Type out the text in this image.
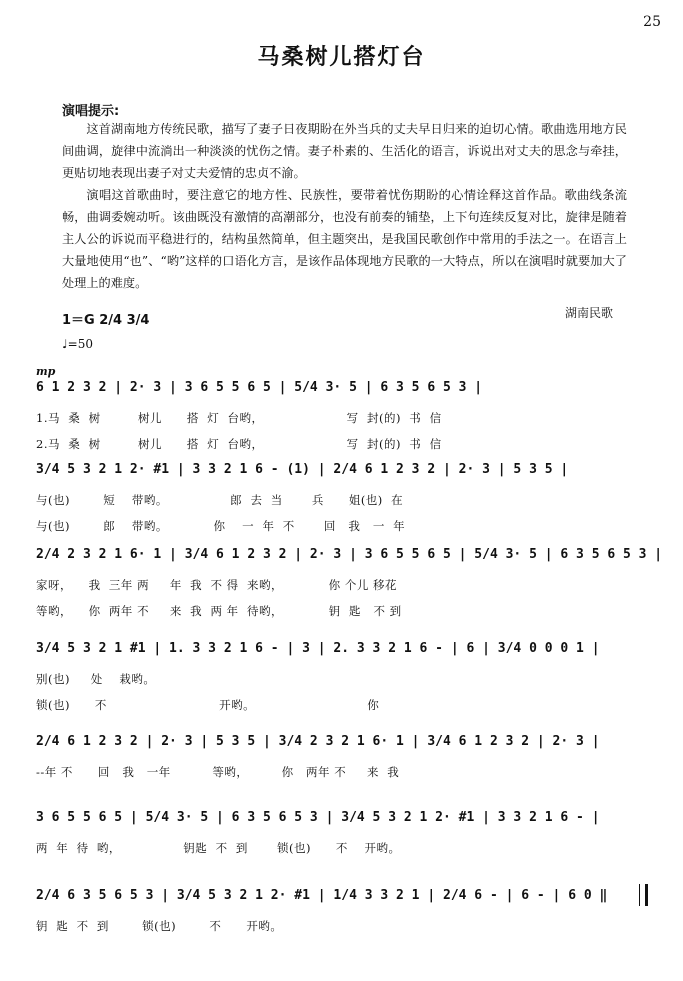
25
马桑树儿搭灯台
演唱提示:

这首湖南地方传统民歌，描写了妻子日夜期盼在外当兵的丈夫早日归来的迫切心情。歌曲选用地方民间曲调，旋律中流淌出一种淡淡的忧伤之情。妻子朴素的、生活化的语言，诉说出对丈夫的思念与牵挂，更贴切地表现出妻子对丈夫爱情的忠贞不渝。

演唱这首歌曲时，要注意它的地方性、民族性，要带着忧伤期盼的心情诠释这首作品。歌曲线条流畅，曲调委婉动听。该曲既没有激情的高潮部分，也没有前奏的铺垫，上下句连续反复对比，旋律是随着主人公的诉说而平稳进行的，结构虽然简单，但主题突出，是我国民歌创作中常用的手法之一。在语言上大量地使用“也”、“哟”这样的口语化方言，是该作品体现地方民歌的一大特点，所以在演唱时就要加大了处理上的难度。

1＝G 2/4 3/4	湖南民歌
♩=50
mp
6 1 2 3 2 | 2· 3 | 3 6 5 5 6 5 | 5/4 3· 5 | 6 3 5 6 5 3 |
1.马  桑  树         树儿      搭  灯  台哟，                    写  封(的)  书  信
2.马  桑  树         树儿      搭  灯  台哟，                    写  封(的)  书  信
3/4 5 3 2 1 2· #1 | 3 3 2 1 6 - (1) | 2/4 6 1 2 3 2 | 2· 3 | 5 3 5 |
与(也)        短    带哟。               郎  去  当       兵      姐(也)  在
与(也)        郎    带哟。           你    一  年  不       回   我   一  年
2/4 2 3 2 1 6· 1 | 3/4 6 1 2 3 2 | 2· 3 | 3 6 5 5 6 5 | 5/4 3· 5 | 6 3 5 6 5 3 |
家呀，    我  三年 两     年  我  不 得  来哟，           你 个儿 移花
等哟，    你  两年 不     来  我  两 年  待哟，           钥  匙   不 到
3/4 5 3 2 1 #1 | 1. 3 3 2 1 6 - | 3 | 2. 3 3 2 1 6 - | 6 | 3/4 0 0 0 1 |
别(也)     处    栽哟。
锁(也)      不                           开哟。                           你
2/4 6 1 2 3 2 | 2· 3 | 5 3 5 | 3/4 2 3 2 1 6· 1 | 3/4 6 1 2 3 2 | 2· 3 |
--年 不      回   我   一年          等哟，        你   两年 不     来  我
3 6 5 5 6 5 | 5/4 3· 5 | 6 3 5 6 5 3 | 3/4 5 3 2 1 2· #1 | 3 3 2 1 6 - |
两  年  待  哟，               钥匙  不  到       锁(也)      不    开哟。
2/4 6 3 5 6 5 3 | 3/4 5 3 2 1 2· #1 | 1/4 3 3 2 1 | 2/4 6 - | 6 - | 6 0 ‖
钥  匙  不  到        锁(也)        不      开哟。
